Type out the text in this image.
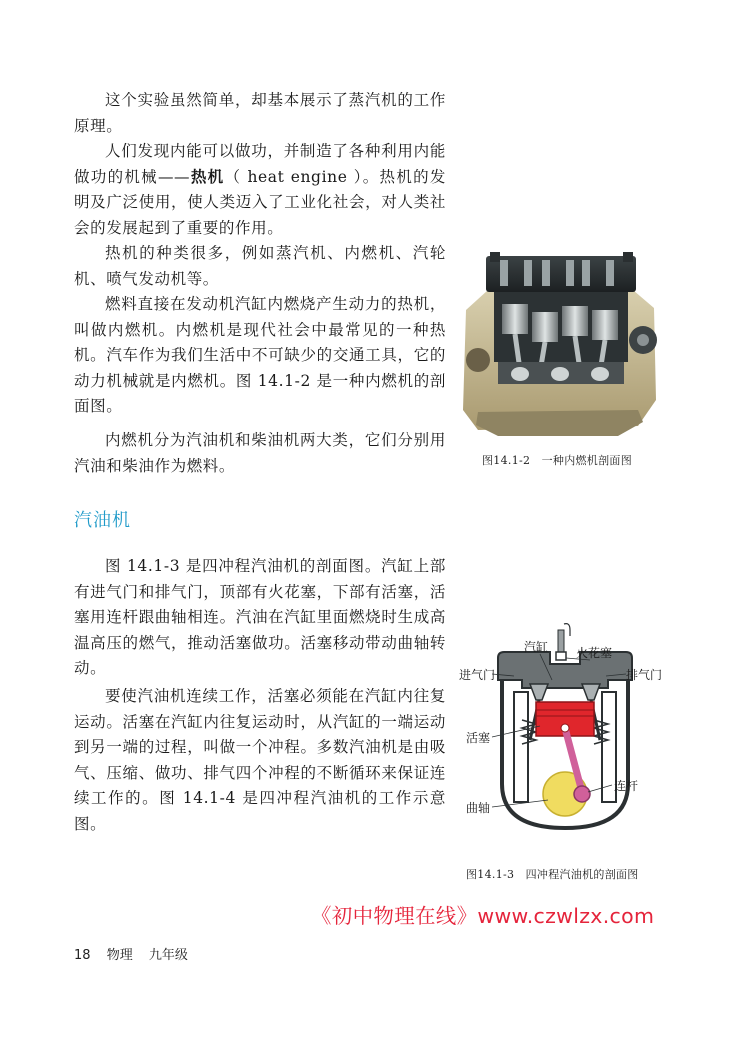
这个实验虽然简单，却基本展示了蒸汽机的工作原理。

人们发现内能可以做功，并制造了各种利用内能做功的机械——热机（ heat engine ）。热机的发明及广泛使用，使人类迈入了工业化社会，对人类社会的发展起到了重要的作用。

热机的种类很多，例如蒸汽机、内燃机、汽轮机、喷气发动机等。

燃料直接在发动机汽缸内燃烧产生动力的热机，叫做内燃机。内燃机是现代社会中最常见的一种热机。汽车作为我们生活中不可缺少的交通工具，它的动力机械就是内燃机。图 14.1-2 是一种内燃机的剖面图。

内燃机分为汽油机和柴油机两大类，它们分别用汽油和柴油作为燃料。

汽油机

图 14.1-3 是四冲程汽油机的剖面图。汽缸上部有进气门和排气门，顶部有火花塞，下部有活塞，活塞用连杆跟曲轴相连。汽油在汽缸里面燃烧时生成高温高压的燃气，推动活塞做功。活塞移动带动曲轴转动。

要使汽油机连续工作，活塞必须能在汽缸内往复运动。活塞在汽缸内往复运动时，从汽缸的一端运动到另一端的过程，叫做一个冲程。多数汽油机是由吸气、压缩、做功、排气四个冲程的不断循环来保证连续工作的。图 14.1-4 是四冲程汽油机的工作示意图。

图14.1-2　一种内燃机剖面图
汽缸 火花塞
进气门	排气门
活塞
连杆
曲轴
图14.1-3　四冲程汽油机的剖面图
《初中物理在线》www.czwlzx.com
18 物理 九年级
